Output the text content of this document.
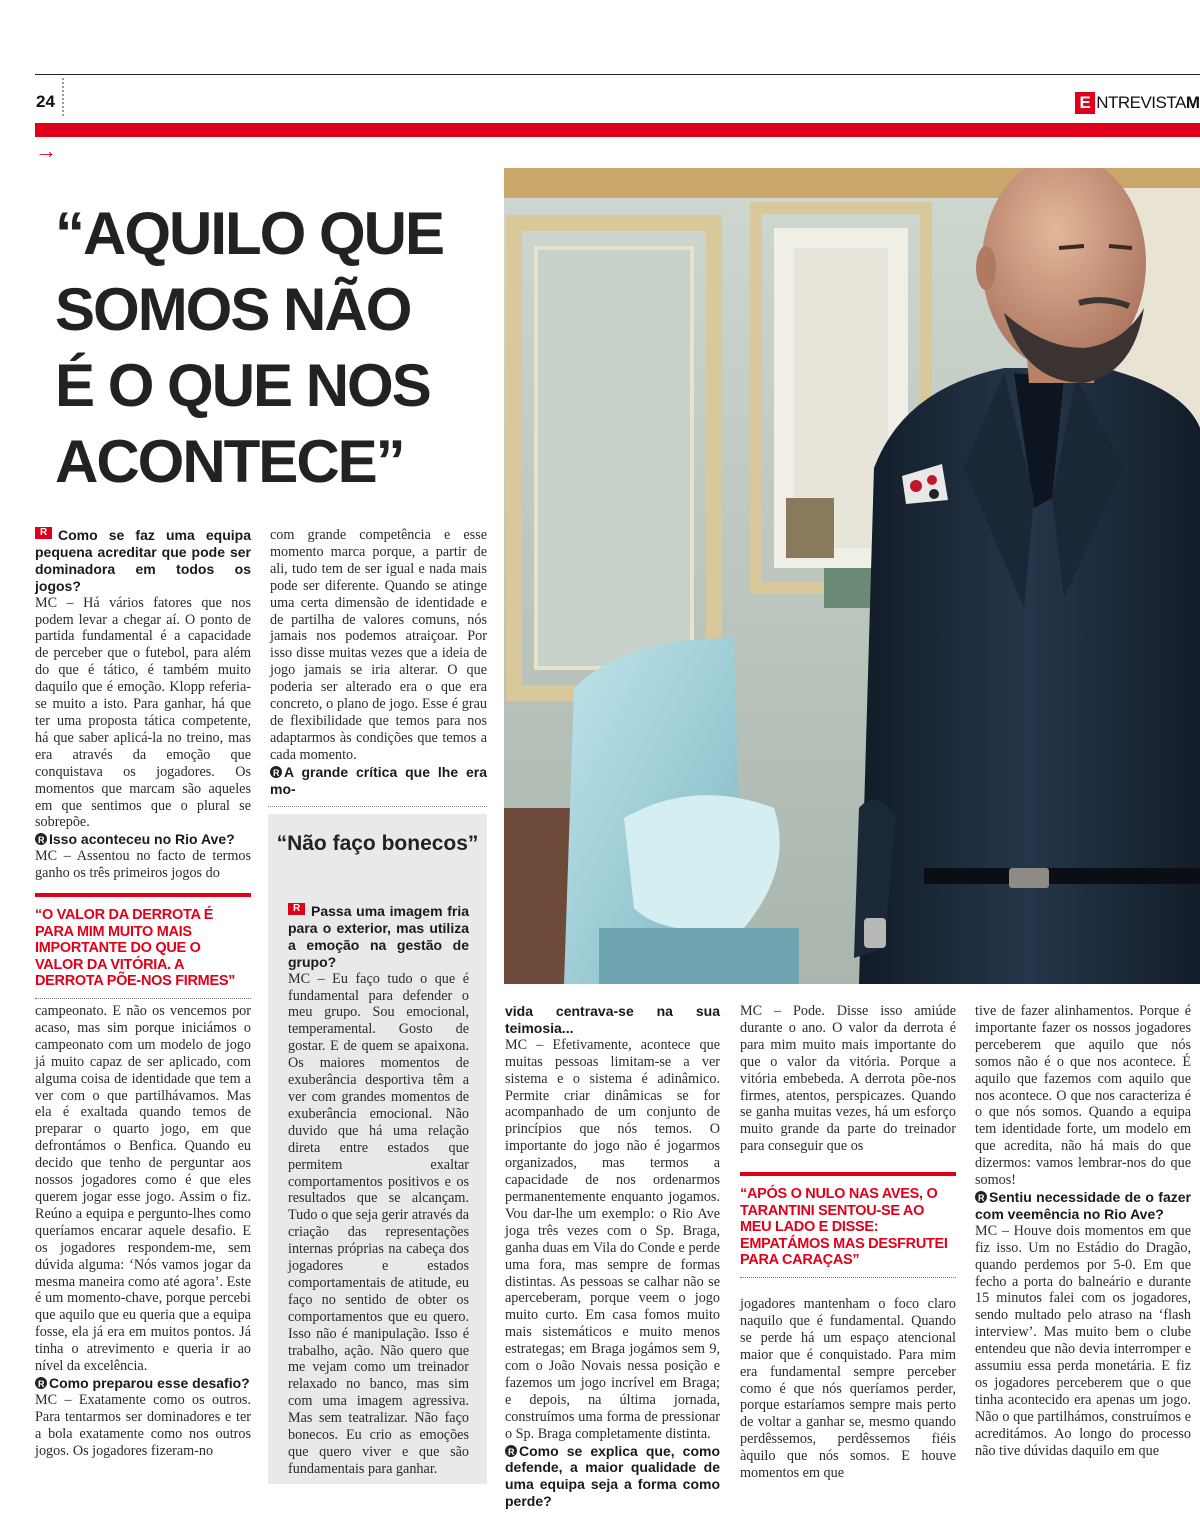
24	E NTREVISTA M
→
“AQUILO QUE
SOMOS NÃO
É O QUE NOS
ACONTECE”

RComo se faz uma equipa pequena acreditar que pode ser dominadora em todos os jogos?

MC – Há vários fatores que nos podem levar a chegar aí. O ponto de partida fundamental é a capacidade de perceber que o futebol, para além do que é tático, é também muito daquilo que é emoção. Klopp referia-se muito a isto. Para ganhar, há que ter uma proposta tática competente, há que saber aplicá-la no treino, mas era através da emoção que conquistava os jogadores. Os momentos que marcam são aqueles em que sentimos que o plural se sobrepõe.

RIsso aconteceu no Rio Ave?

MC – Assentou no facto de termos ganho os três primeiros jogos do

com grande competência e esse momento marca porque, a partir de ali, tudo tem de ser igual e nada mais pode ser diferente. Quando se atinge uma certa dimensão de identidade e de partilha de valores comuns, nós jamais nos podemos atraiçoar. Por isso disse muitas vezes que a ideia de jogo jamais se iria alterar. O que poderia ser alterado era o que era concreto, o plano de jogo. Esse é grau de flexibilidade que temos para nos adaptarmos às condições que temos a cada momento.

RA grande crítica que lhe era mo-

“O VALOR DA DERROTA É PARA MIM MUITO MAIS IMPORTANTE DO QUE O VALOR DA VITÓRIA. A DERROTA PÕE-NOS FIRMES”

campeonato. E não os vencemos por acaso, mas sim porque iniciámos o campeonato com um modelo de jogo já muito capaz de ser aplicado, com alguma coisa de identidade que tem a ver com o que partilhávamos. Mas ela é exaltada quando temos de preparar o quarto jogo, em que defrontámos o Benfica. Quando eu decido que tenho de perguntar aos nossos jogadores como é que eles querem jogar esse jogo. Assim o fiz. Reúno a equipa e pergunto-lhes como queríamos encarar aquele desafio. E os jogadores respondem-me, sem dúvida alguma: ‘Nós vamos jogar da mesma maneira como até agora’. Este é um momento-chave, porque percebi que aquilo que eu queria que a equipa fosse, ela já era em muitos pontos. Já tinha o atrevimento e queria ir ao nível da excelência.

RComo preparou esse desafio?

MC – Exatamente como os outros. Para tentarmos ser dominadores e ter a bola exatamente como nos outros jogos. Os jogadores fizeram-no

“Não faço bonecos”

RPassa uma imagem fria para o exterior, mas utiliza a emoção na gestão de grupo?

MC – Eu faço tudo o que é fundamental para defender o meu grupo. Sou emocional, temperamental. Gosto de gostar. E de quem se apaixona. Os maiores momentos de exuberância desportiva têm a ver com grandes momentos de exuberância emocional. Não duvido que há uma relação direta entre estados que permitem exaltar comportamentos positivos e os resultados que se alcançam. Tudo o que seja gerir através da criação das representações internas próprias na cabeça dos jogadores e estados comportamentais de atitude, eu faço no sentido de obter os comportamentos que eu quero. Isso não é manipulação. Isso é trabalho, ação. Não quero que me vejam como um treinador relaxado no banco, mas sim com uma imagem agressiva. Mas sem teatralizar. Não faço bonecos. Eu crio as emoções que quero viver e que são fundamentais para ganhar.

vida centrava-se na sua teimosia...

MC – Efetivamente, acontece que muitas pessoas limitam-se a ver sistema e o sistema é adinâmico. Permite criar dinâmicas se for acompanhado de um conjunto de princípios que nós temos. O importante do jogo não é jogarmos organizados, mas termos a capacidade de nos ordenarmos permanentemente enquanto jogamos. Vou dar-lhe um exemplo: o Rio Ave joga três vezes com o Sp. Braga, ganha duas em Vila do Conde e perde uma fora, mas sempre de formas distintas. As pessoas se calhar não se aperceberam, porque veem o jogo muito curto. Em casa fomos muito mais sistemáticos e muito menos estrategas; em Braga jogámos sem 9, com o João Novais nessa posição e fazemos um jogo incrível em Braga; e depois, na última jornada, construímos uma forma de pressionar o Sp. Braga completamente distinta.

RComo se explica que, como defende, a maior qualidade de uma equipa seja a forma como perde?

MC – Pode. Disse isso amiúde durante o ano. O valor da derrota é para mim muito mais importante do que o valor da vitória. Porque a vitória embebeda. A derrota põe-nos firmes, atentos, perspicazes. Quando se ganha muitas vezes, há um esforço muito grande da parte do treinador para conseguir que os

“APÓS O NULO NAS AVES, O TARANTINI SENTOU-SE AO MEU LADO E DISSE: EMPATÁMOS MAS DESFRUTEI PARA CARAÇAS”

jogadores mantenham o foco claro naquilo que é fundamental. Quando se perde há um espaço atencional maior que é conquistado. Para mim era fundamental sempre perceber como é que nós queríamos perder, porque estaríamos sempre mais perto de voltar a ganhar se, mesmo quando perdêssemos, perdêssemos fiéis àquilo que nós somos. E houve momentos em que

tive de fazer alinhamentos. Porque é importante fazer os nossos jogadores perceberem que aquilo que nós somos não é o que nos acontece. É aquilo que fazemos com aquilo que nos acontece. O que nos caracteriza é o que nós somos. Quando a equipa tem identidade forte, um modelo em que acredita, não há mais do que dizermos: vamos lembrar-nos do que somos!

RSentiu necessidade de o fazer com veemência no Rio Ave?

MC – Houve dois momentos em que fiz isso. Um no Estádio do Dragão, quando perdemos por 5-0. Em que fecho a porta do balneário e durante 15 minutos falei com os jogadores, sendo multado pelo atraso na ‘flash interview’. Mas muito bem o clube entendeu que não devia interromper e assumiu essa perda monetária. E fiz os jogadores perceberem que o que tinha acontecido era apenas um jogo. Não o que partilhámos, construímos e acreditámos. Ao longo do processo não tive dúvidas daquilo em que
